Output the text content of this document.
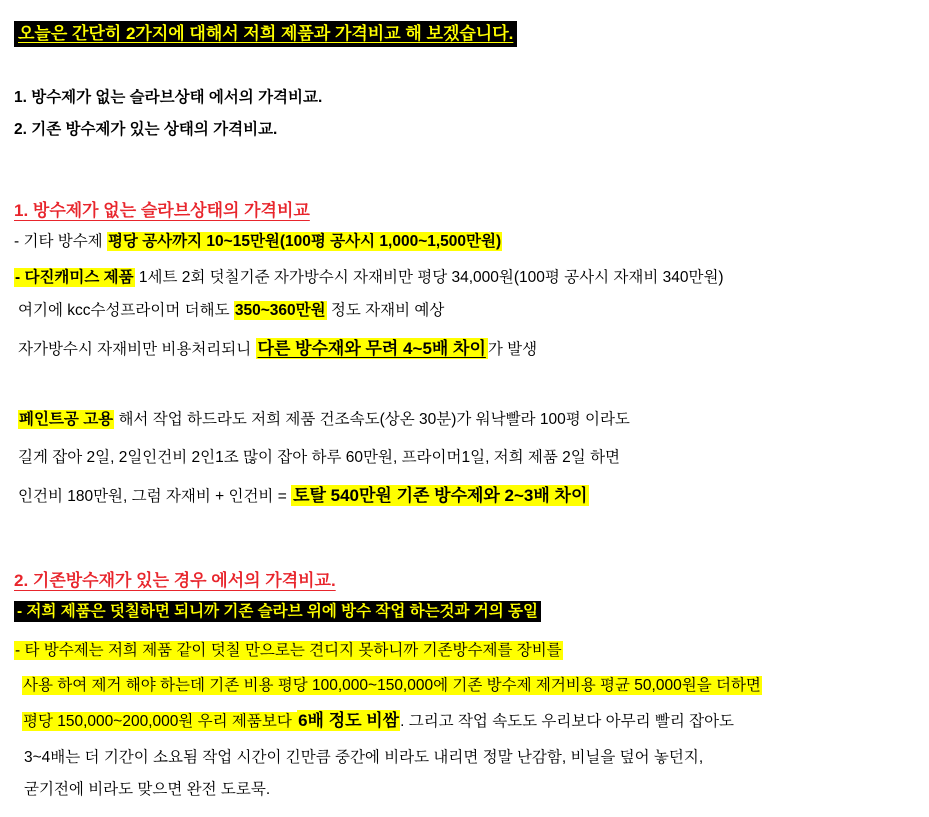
오늘은 간단히 2가지에 대해서 저희 제품과 가격비교 해 보겠습니다.
1. 방수제가 없는 슬라브상태 에서의 가격비교.
2. 기존 방수제가 있는 상태의 가격비교.
1. 방수제가 없는 슬라브상태의 가격비교
- 기타 방수제 평당 공사까지 10~15만원(100평 공사시 1,000~1,500만원)
- 다진캐미스 제품 1세트 2회 덧칠기준 자가방수시 자재비만 평당 34,000원(100평 공사시 자재비 340만원)
여기에 kcc수성프라이머 더해도 350~360만원 정도 자재비 예상
자가방수시 자재비만 비용처리되니 다른 방수재와 무려 4~5배 차이 가 발생
페인트공 고용 해서 작업 하드라도 저희 제품 건조속도(상온 30분)가 워낙빨라 100평 이라도
길게 잡아 2일, 2일인건비 2인1조 많이 잡아 하루 60만원, 프라이머1일, 저희 제품 2일 하면
인건비 180만원, 그럼 자재비 + 인건비 = 토탈 540만원 기존 방수제와 2~3배 차이
2. 기존방수재가 있는 경우 에서의 가격비교.
- 저희 제품은 덧칠하면 되니까 기존 슬라브 위에 방수 작업 하는것과 거의 동일
- 타 방수제는 저희 제품 같이 덧칠 만으로는 견디지 못하니까 기존방수제를 장비를
사용 하여 제거 해야 하는데 기존 비용 평당 100,000~150,000에 기존 방수제 제거비용 평균 50,000원을 더하면
평당 150,000~200,000원 우리 제품보다 6배 정도 비쌈. 그리고 작업 속도도 우리보다 아무리 빨리 잡아도
3~4배는 더 기간이 소요됨 작업 시간이 긴만큼 중간에 비라도 내리면 정말 난감함, 비닐을 덮어 놓던지,
굳기전에 비라도 맞으면 완전 도로묵.
